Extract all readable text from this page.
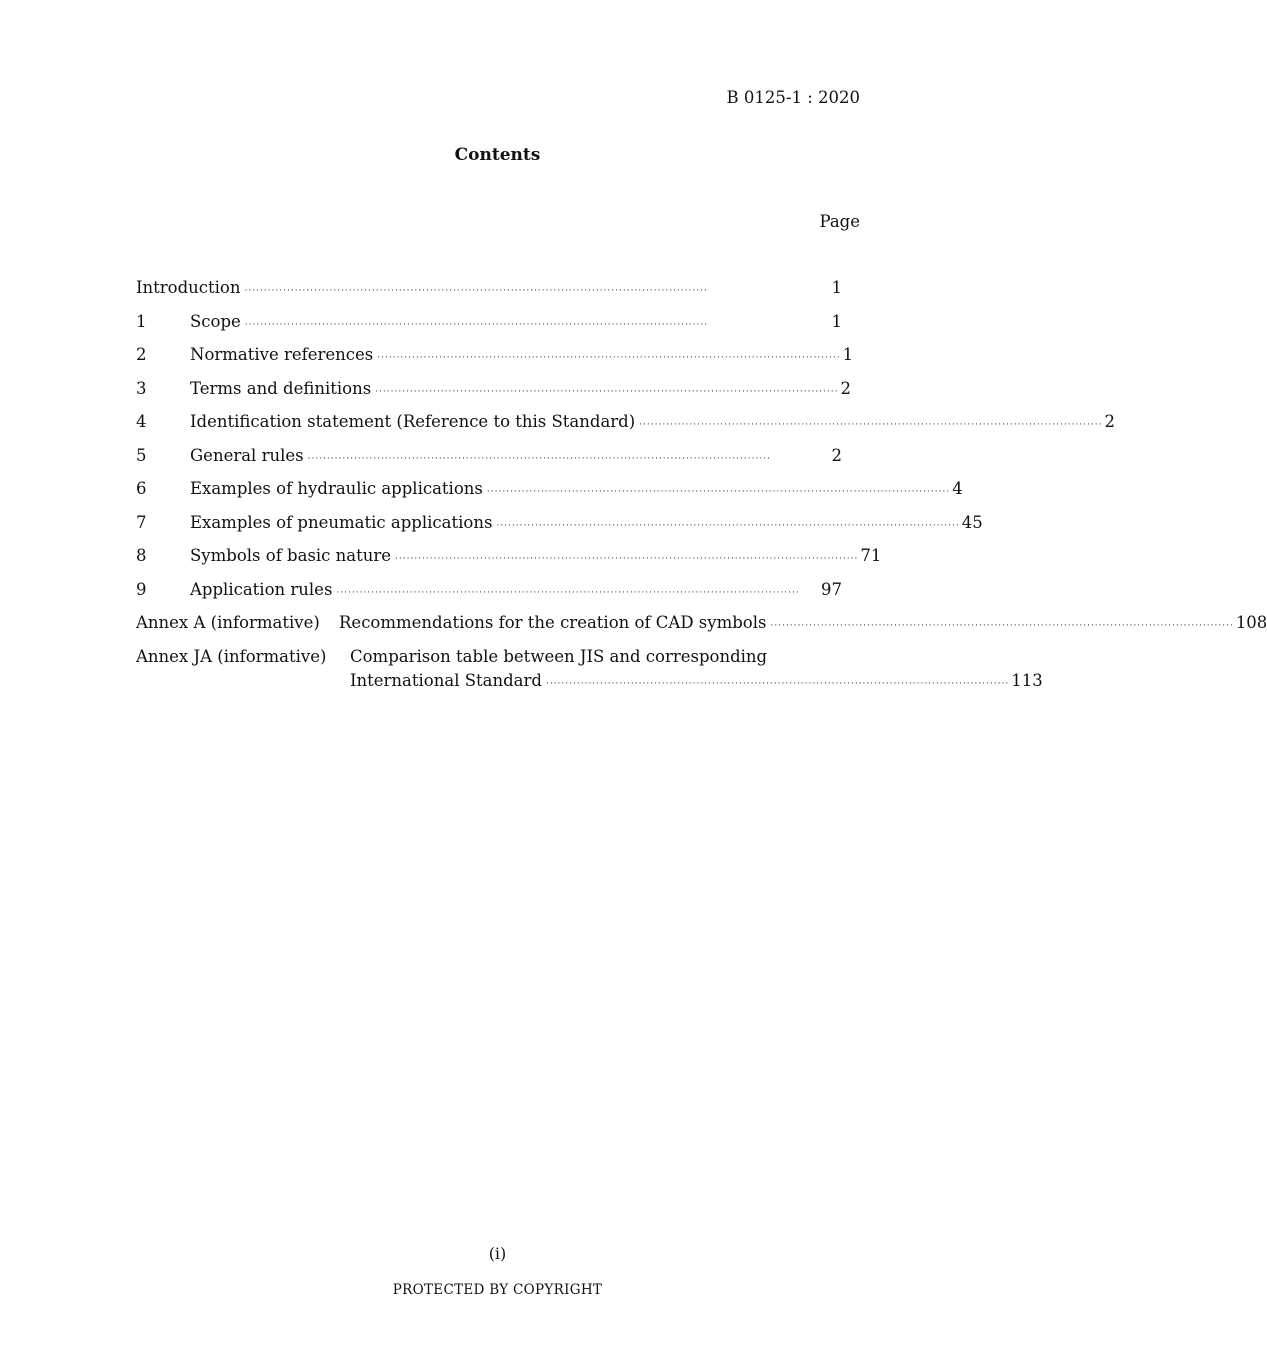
B 0125-1 : 2020
Contents
Page
Introduction ························································································································	1
1	Scope ························································································································	1
2	Normative references ························································································································ 1
3	Terms and definitions ························································································································ 2
4	Identification statement (Reference to this Standard) ························································································································ 2
5	General rules ························································································································	2
6	Examples of hydraulic applications ························································································································ 4
7	Examples of pneumatic applications ························································································································ 45
8	Symbols of basic nature ························································································································ 71
9	Application rules ························································································································	97
Annex A (informative) Recommendations for the creation of CAD symbols ························································································································ 108
Annex JA (informative) Comparison table between JIS and corresponding
International Standard ························································································································ 113
(i)
PROTECTED BY COPYRIGHT
